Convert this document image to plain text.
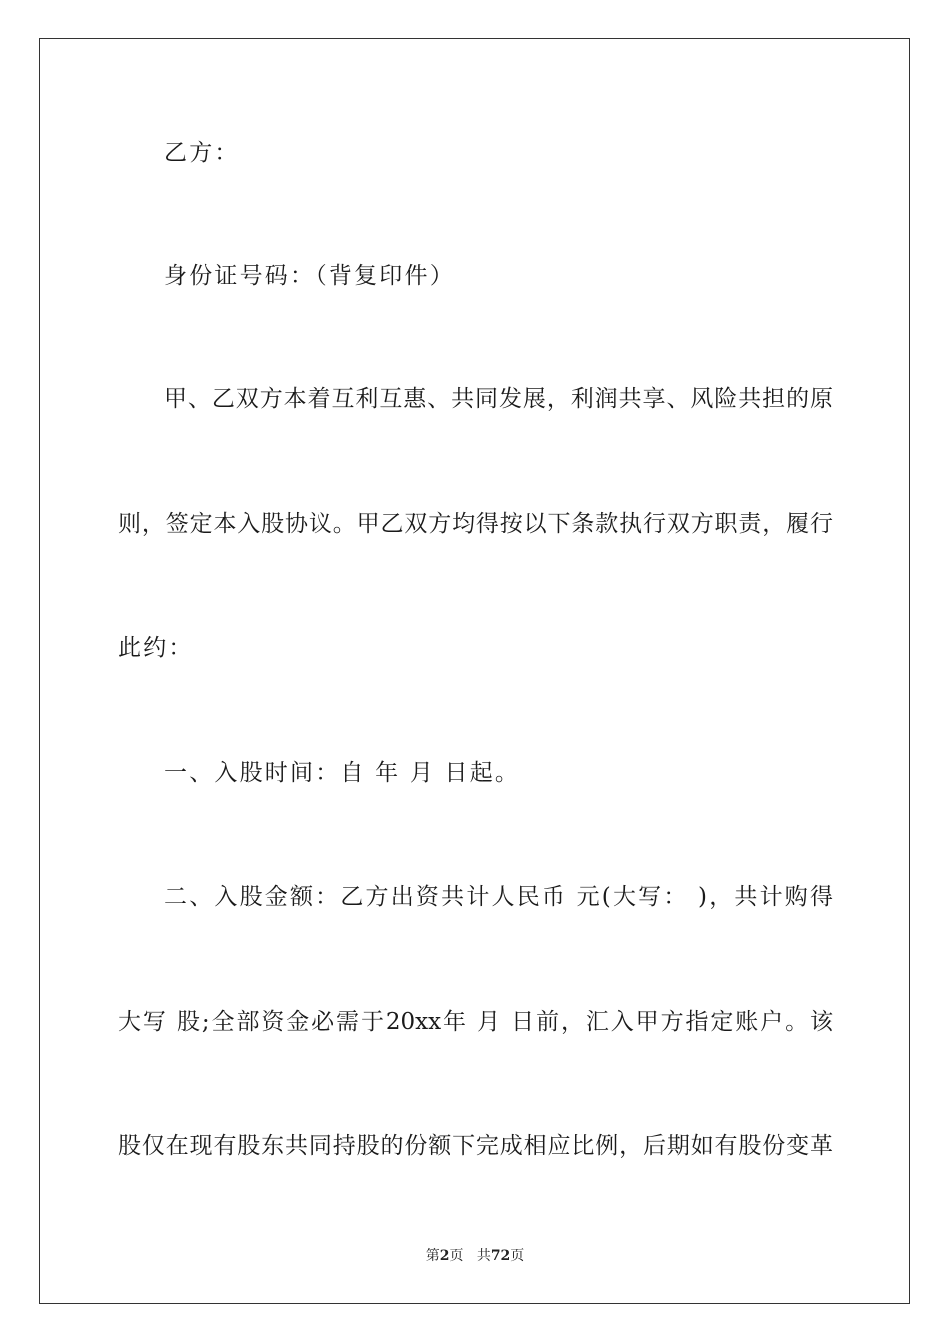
乙方：
身份证号码：（背复印件）
甲、乙双方本着互利互惠、共同发展，利润共享、风险共担的原
则，签定本入股协议。甲乙双方均得按以下条款执行双方职责，履行
此约：
一、入股时间：自 年 月 日起。
二、入股金额：乙方出资共计人民币 元(大写： )，共计购得
大写 股;全部资金必需于20xx年 月 日前，汇入甲方指定账户。该
股仅在现有股东共同持股的份额下完成相应比例，后期如有股份变革
第2页 共72页
